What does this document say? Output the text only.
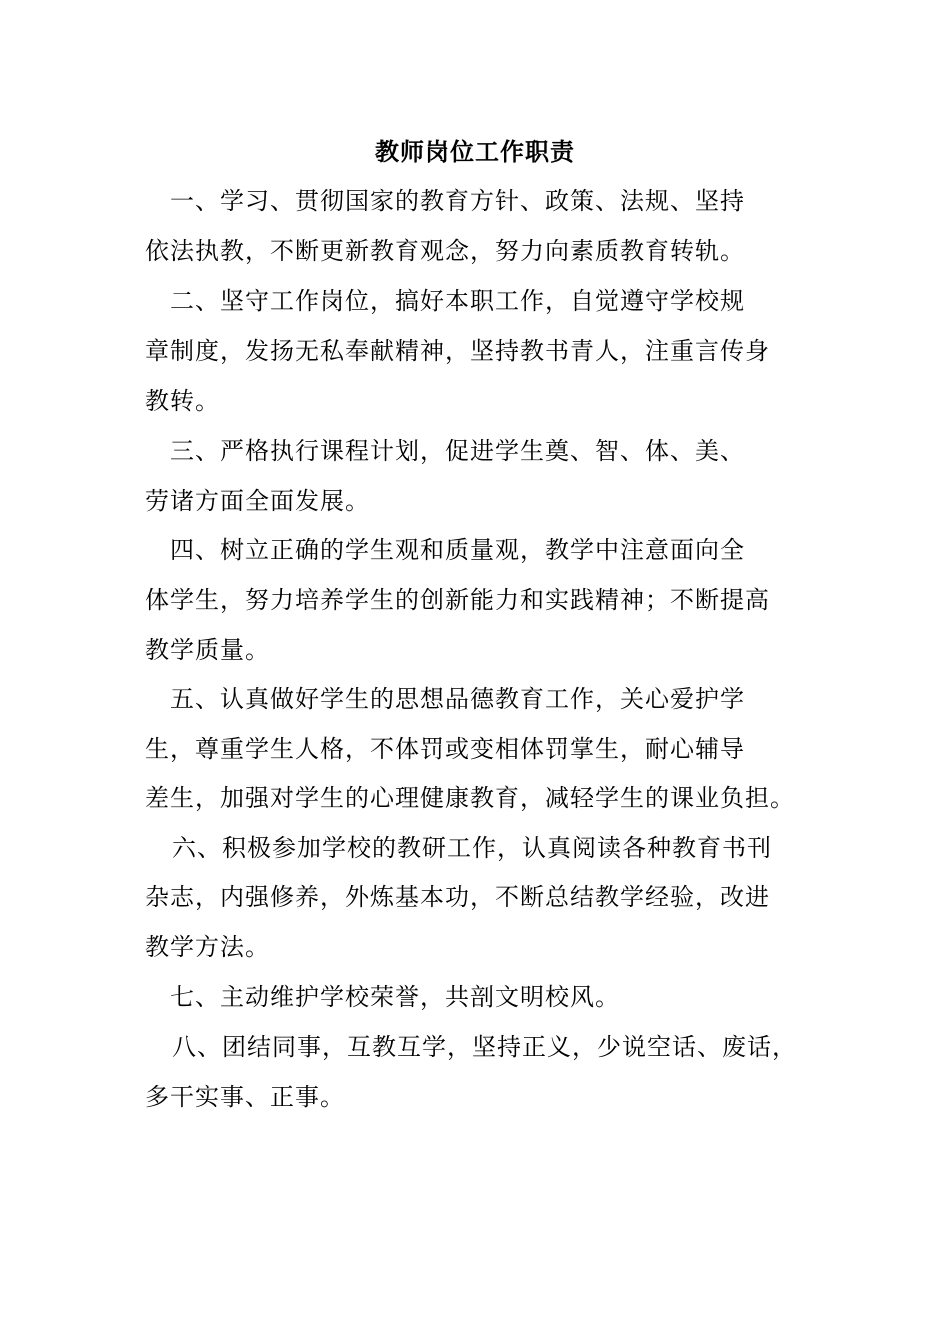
教师岗位工作职责
一、学习、贯彻国家的教育方针、政策、法规、坚持
依法执教，不断更新教育观念，努力向素质教育转轨。
二、坚守工作岗位，搞好本职工作，自觉遵守学校规
章制度，发扬无私奉献精神，坚持教书青人，注重言传身
教转。
三、严格执行课程计划，促进学生奠、智、体、美、
劳诸方面全面发展。
四、树立正确的学生观和质量观，教学中注意面向全
体学生，努力培养学生的创新能力和实践精神；不断提高
教学质量。
五、认真做好学生的思想品德教育工作，关心爱护学
生，尊重学生人格，不体罚或变相体罚掌生，耐心辅导
差生，加强对学生的心理健康教育，减轻学生的课业负担。
六、积极参加学校的教研工作，认真阅读各种教育书刊
杂志，内强修养，外炼基本功，不断总结教学经验，改进
教学方法。
七、主动维护学校荣誉，共剖文明校风。
八、团结同事，互教互学，坚持正义，少说空话、废话，
多干实事、正事。
